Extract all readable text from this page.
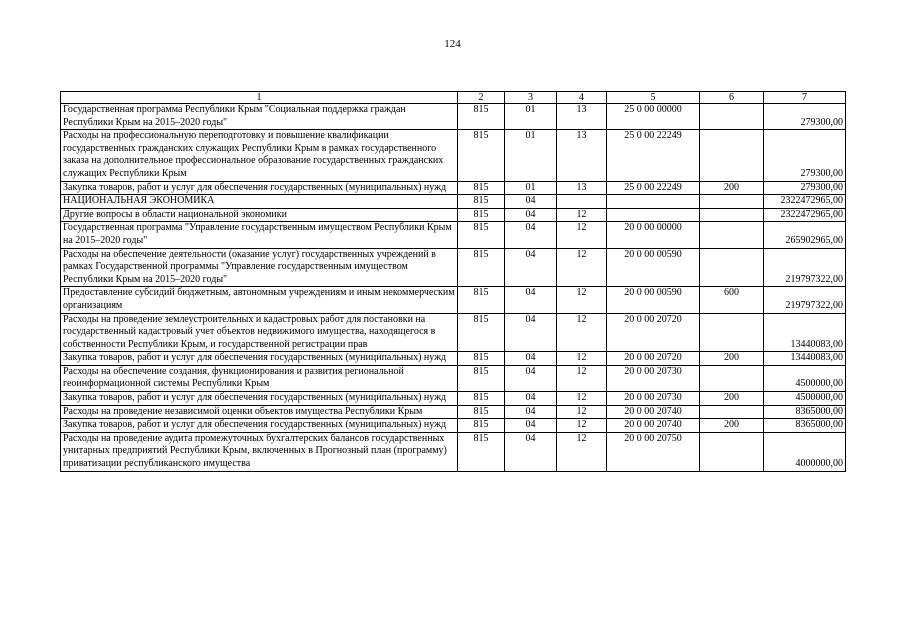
124
1	2	3	4	5	6	7
Государственная программа Республики Крым "Социальная поддержка граждан Республики Крым на 2015–2020 годы"	815	01	13	25 0 00 00000		279300,00
Расходы на профессиональную переподготовку и повышение квалификации государственных гражданских служащих Республики Крым в рамках государственного заказа на дополнительное профессиональное образование государственных гражданских служащих Республики Крым	815	01	13	25 0 00 22249		279300,00
Закупка товаров, работ и услуг для обеспечения государственных (муниципальных) нужд	815	01	13	25 0 00 22249	200	279300,00
НАЦИОНАЛЬНАЯ ЭКОНОМИКА	815	04				2322472965,00
Другие вопросы в области национальной экономики	815	04	12			2322472965,00
Государственная программа "Управление государственным имуществом Республики Крым на 2015–2020 годы"	815	04	12	20 0 00 00000		265902965,00
Расходы на обеспечение деятельности (оказание услуг) государственных учреждений в рамках Государственной программы "Управление государственным имуществом Республики Крым на 2015–2020 годы"	815	04	12	20 0 00 00590		219797322,00
Предоставление субсидий бюджетным, автономным учреждениям и иным некоммерческим организациям	815	04	12	20 0 00 00590	600	219797322,00
Расходы на проведение землеустроительных и кадастровых работ для постановки на государственный кадастровый учет объектов недвижимого имущества, находящегося в собственности Республики Крым, и государственной регистрации прав	815	04	12	20 0 00 20720		13440083,00
Закупка товаров, работ и услуг для обеспечения государственных (муниципальных) нужд	815	04	12	20 0 00 20720	200	13440083,00
Расходы на обеспечение создания, функционирования и развития региональной геоинформационной системы Республики Крым	815	04	12	20 0 00 20730		4500000,00
Закупка товаров, работ и услуг для обеспечения государственных (муниципальных) нужд	815	04	12	20 0 00 20730	200	4500000,00
Расходы на проведение независимой оценки объектов имущества Республики Крым	815	04	12	20 0 00 20740		8365000,00
Закупка товаров, работ и услуг для обеспечения государственных (муниципальных) нужд	815	04	12	20 0 00 20740	200	8365000,00
Расходы на проведение аудита промежуточных бухгалтерских балансов государственных унитарных предприятий Республики Крым, включенных в Прогнозный план (программу) приватизации республиканского имущества	815	04	12	20 0 00 20750		4000000,00
